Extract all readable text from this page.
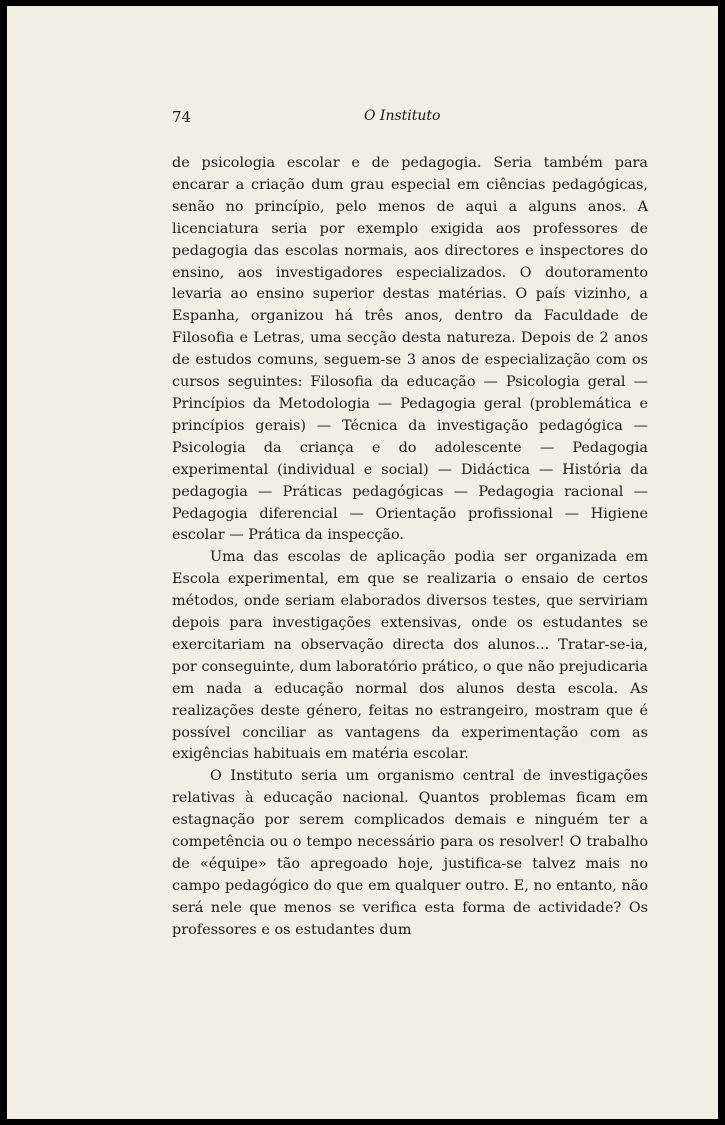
74	O Instituto

de psicologia escolar e de pedagogia. Seria também para encarar a criação dum grau especial em ciências pedagógicas, senão no princípio, pelo menos de aqui a alguns anos. A licenciatura seria por exemplo exigida aos professores de pedagogia das escolas normais, aos directores e inspectores do ensino, aos investigadores especializados. O doutoramento levaria ao ensino superior destas matérias. O país vizinho, a Espanha, organizou há três anos, dentro da Faculdade de Filosofia e Letras, uma secção desta natureza. Depois de 2 anos de estudos comuns, seguem-se 3 anos de especialização com os cursos seguintes: Filosofia da educação — Psicologia geral — Princípios da Metodologia — Pedagogia geral (problemática e princípios gerais) — Técnica da investigação pedagógica — Psicologia da criança e do adolescente — Pedagogia experimental (individual e social) — Didáctica — História da pedagogia — Práticas pedagógicas — Pedagogia racional — Pedagogia diferencial — Orientação profissional — Higiene escolar — Prática da inspecção.

Uma das escolas de aplicação podia ser organizada em Escola experimental, em que se realizaria o ensaio de certos métodos, onde seriam elaborados diversos testes, que serviriam depois para investigações extensivas, onde os estudantes se exercitariam na observação directa dos alunos... Tratar-se-ia, por conseguinte, dum laboratório prático, o que não prejudicaria em nada a educação normal dos alunos desta escola. As realizações deste género, feitas no estrangeiro, mostram que é possível conciliar as vantagens da experimentação com as exigências habituais em matéria escolar.

O Instituto seria um organismo central de investigações relativas à educação nacional. Quantos problemas ficam em estagnação por serem complicados demais e ninguém ter a competência ou o tempo necessário para os resolver! O trabalho de «équipe» tão apregoado hoje, justifica-se talvez mais no campo pedagógico do que em qualquer outro. E, no entanto, não será nele que menos se verifica esta forma de actividade? Os professores e os estudantes dum
